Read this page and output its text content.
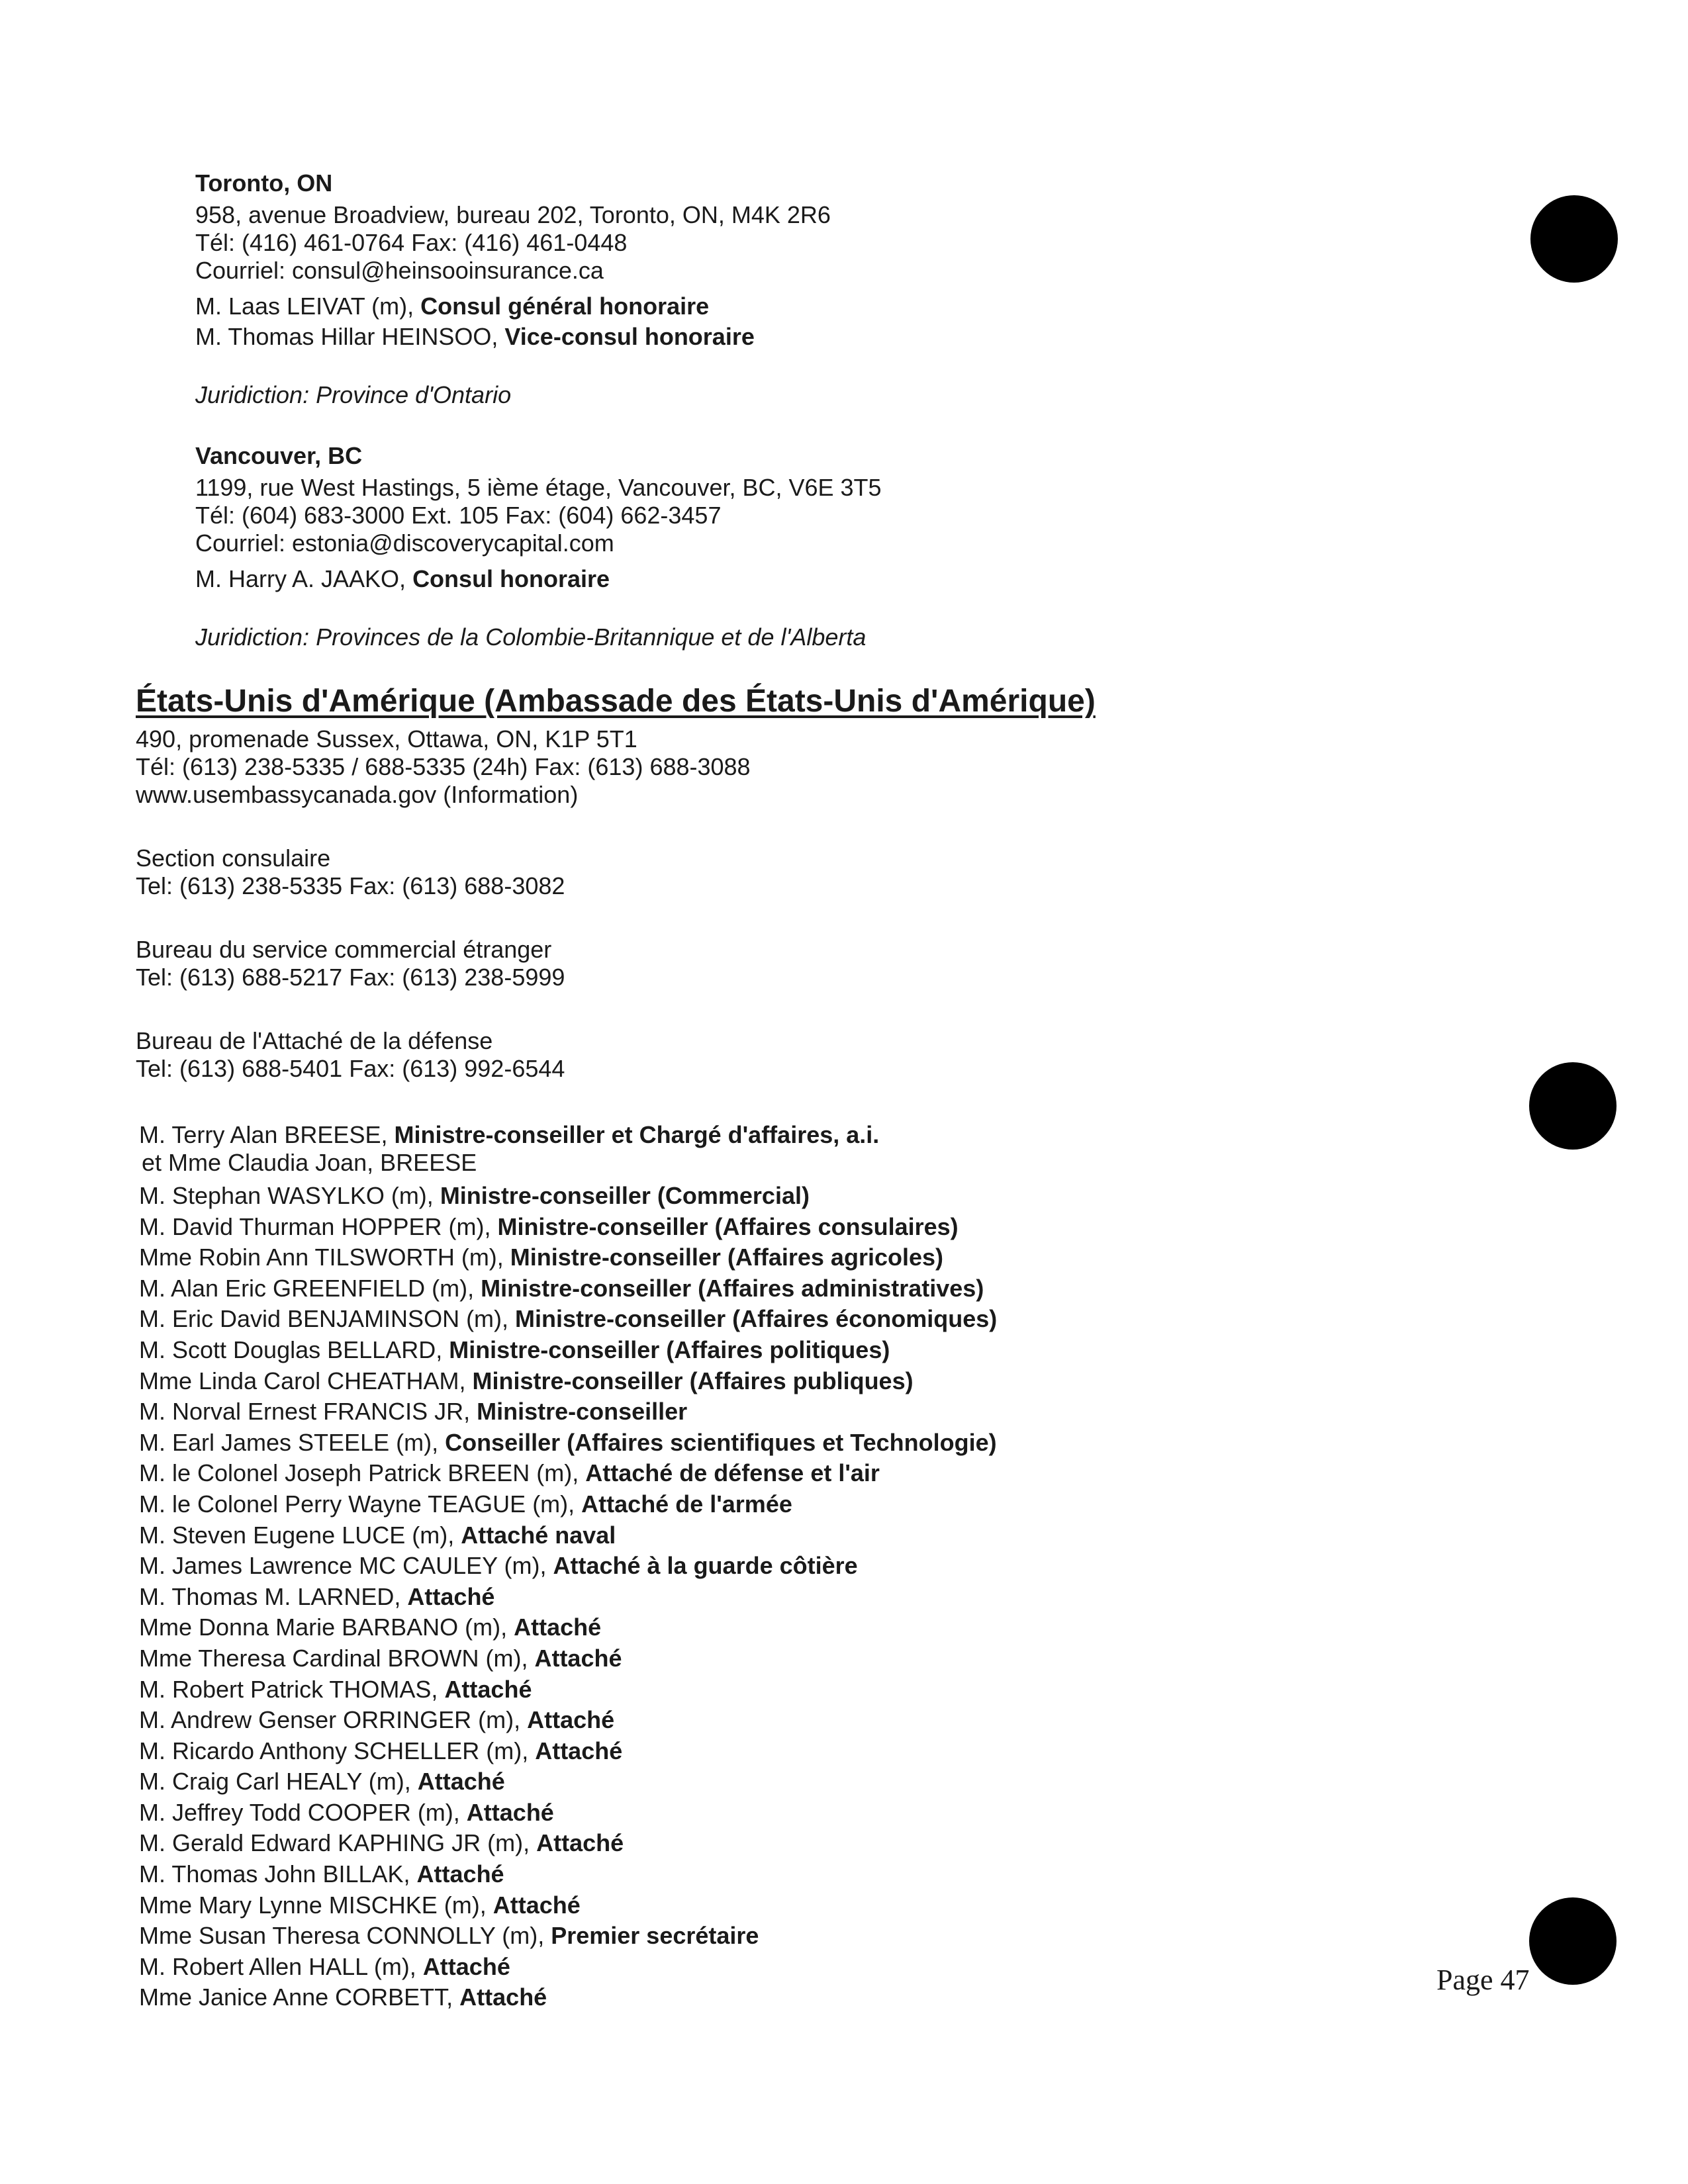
Toronto, ON
958, avenue Broadview, bureau 202, Toronto, ON, M4K 2R6
Tél: (416) 461-0764 Fax: (416) 461-0448
Courriel: consul@heinsooinsurance.ca
M. Laas LEIVAT (m), Consul général honoraire
M. Thomas Hillar HEINSOO, Vice-consul honoraire
Juridiction: Province d'Ontario
Vancouver, BC
1199, rue West Hastings, 5 ième étage, Vancouver, BC, V6E 3T5
Tél: (604) 683-3000 Ext. 105 Fax: (604) 662-3457
Courriel: estonia@discoverycapital.com
M. Harry A. JAAKO, Consul honoraire
Juridiction: Provinces de la Colombie-Britannique et de l'Alberta
États-Unis d'Amérique (Ambassade des États-Unis d'Amérique)
490, promenade Sussex, Ottawa, ON, K1P 5T1
Tél: (613) 238-5335 / 688-5335 (24h) Fax: (613) 688-3088
www.usembassycanada.gov (Information)
Section consulaire
Tel: (613) 238-5335 Fax: (613) 688-3082
Bureau du service commercial étranger
Tel: (613) 688-5217 Fax: (613) 238-5999
Bureau de l'Attaché de la défense
Tel: (613) 688-5401 Fax: (613) 992-6544
M. Terry Alan BREESE, Ministre-conseiller et Chargé d'affaires, a.i.
et Mme Claudia Joan, BREESE
M. Stephan WASYLKO (m), Ministre-conseiller (Commercial)
M. David Thurman HOPPER (m), Ministre-conseiller (Affaires consulaires)
Mme Robin Ann TILSWORTH (m), Ministre-conseiller (Affaires agricoles)
M. Alan Eric GREENFIELD (m), Ministre-conseiller (Affaires administratives)
M. Eric David BENJAMINSON (m), Ministre-conseiller (Affaires économiques)
M. Scott Douglas BELLARD, Ministre-conseiller (Affaires politiques)
Mme Linda Carol CHEATHAM, Ministre-conseiller (Affaires publiques)
M. Norval Ernest FRANCIS JR, Ministre-conseiller
M. Earl James STEELE (m), Conseiller (Affaires scientifiques et Technologie)
M. le Colonel Joseph Patrick BREEN (m), Attaché de défense et l'air
M. le Colonel Perry Wayne TEAGUE (m), Attaché de l'armée
M. Steven Eugene LUCE (m), Attaché naval
M. James Lawrence MC CAULEY (m), Attaché à la guarde côtière
M. Thomas M. LARNED, Attaché
Mme Donna Marie BARBANO (m), Attaché
Mme Theresa Cardinal BROWN (m), Attaché
M. Robert Patrick THOMAS, Attaché
M. Andrew Genser ORRINGER (m), Attaché
M. Ricardo Anthony SCHELLER (m), Attaché
M. Craig Carl HEALY (m), Attaché
M. Jeffrey Todd COOPER (m), Attaché
M. Gerald Edward KAPHING JR (m), Attaché
M. Thomas John BILLAK, Attaché
Mme Mary Lynne MISCHKE (m), Attaché
Mme Susan Theresa CONNOLLY (m), Premier secrétaire
M. Robert Allen HALL (m), Attaché
Mme Janice Anne CORBETT, Attaché
Page 47
